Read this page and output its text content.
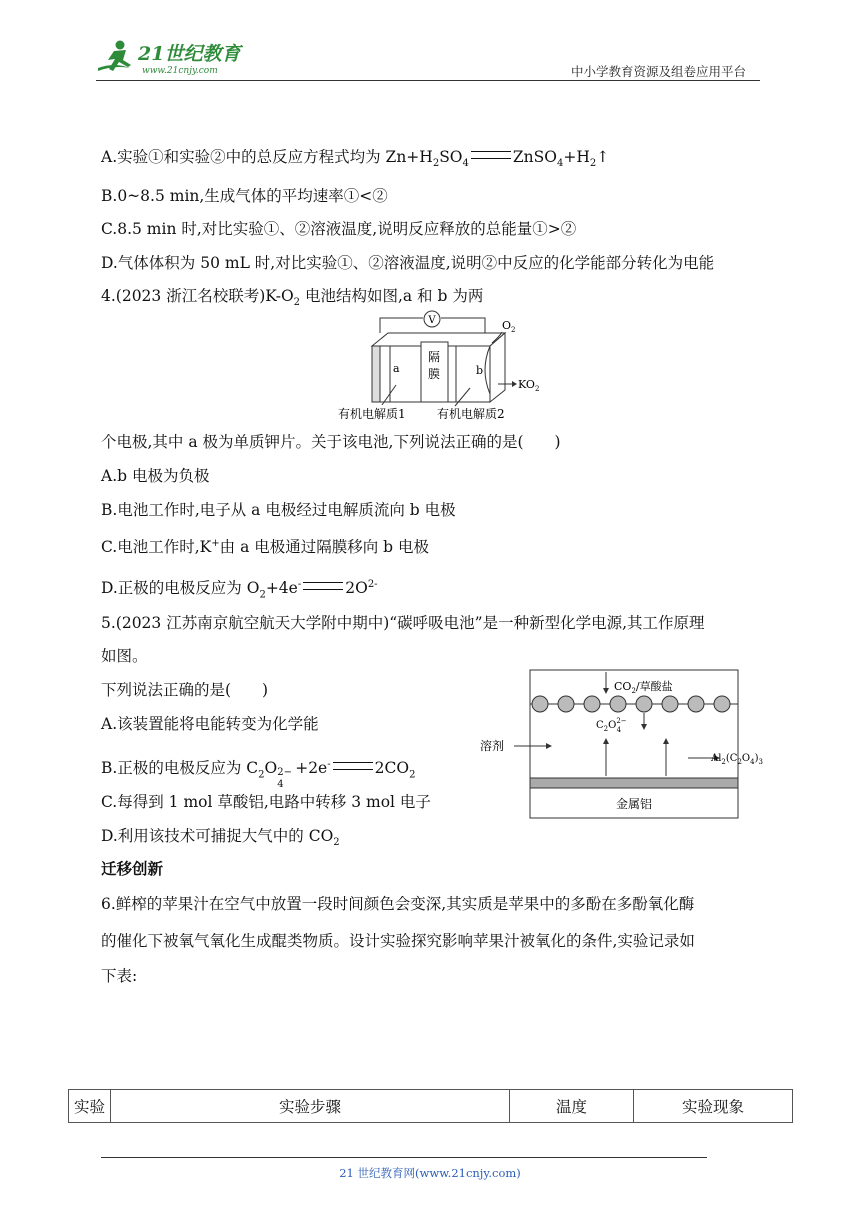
21世纪教育
www.21cnjy.com	中小学教育资源及组卷应用平台
A.实验①和实验②中的总反应方程式均为 $Zn+H_2SO_4$	$ZnSO_4+H_2↑$
B.0~8.5 min,生成气体的平均速率①<②
C.8.5 min 时,对比实验①、②溶液温度,说明反应释放的总能量①>②
D.气体体积为 50 mL 时,对比实验①、②溶液温度,说明②中反应的化学能部分转化为电能
4.(2023 浙江名校联考)$K-O_2$ 电池结构如图,a 和 b 为两
V
a
隔
膜	b
$O_2$
$KO_2$
有机电解质1	有机电解质2
个电极,其中 a 极为单质钾片。关于该电池,下列说法正确的是(　　)
A.b 电极为负极
B.电池工作时,电子从 a 电极经过电解质流向 b 电极
C.电池工作时,K+由 a 电极通过隔膜移向 b 电极
D.正极的电极反应为 $O_2+4e^-$	$2O^{2-}$
5.(2023 江苏南京航空航天大学附中期中)“碳呼吸电池”是一种新型化学电源,其工作原理
如图。
下列说法正确的是(　　)
A.该装置能将电能转变为化学能
B.正极的电极反应为 $C_2O$ 2−
4
+2e-	$2CO_2$
C.每得到 1 mol 草酸铝,电路中转移 3 mol 电子
D.利用该技术可捕捉大气中的 $CO_2$
$CO_2/$草酸盐
$C_2O^{2-}$ 4
溶剂
$Al_2(C_2O_4)_3$
金属铝
迁移创新
6.鲜榨的苹果汁在空气中放置一段时间颜色会变深,其实质是苹果中的多酚在多酚氧化酶
的催化下被氧气氧化生成醌类物质。设计实验探究影响苹果汁被氧化的条件,实验记录如
下表:
实验	实验步骤	温度	实验现象
21 世纪教育网(www.21cnjy.com)
